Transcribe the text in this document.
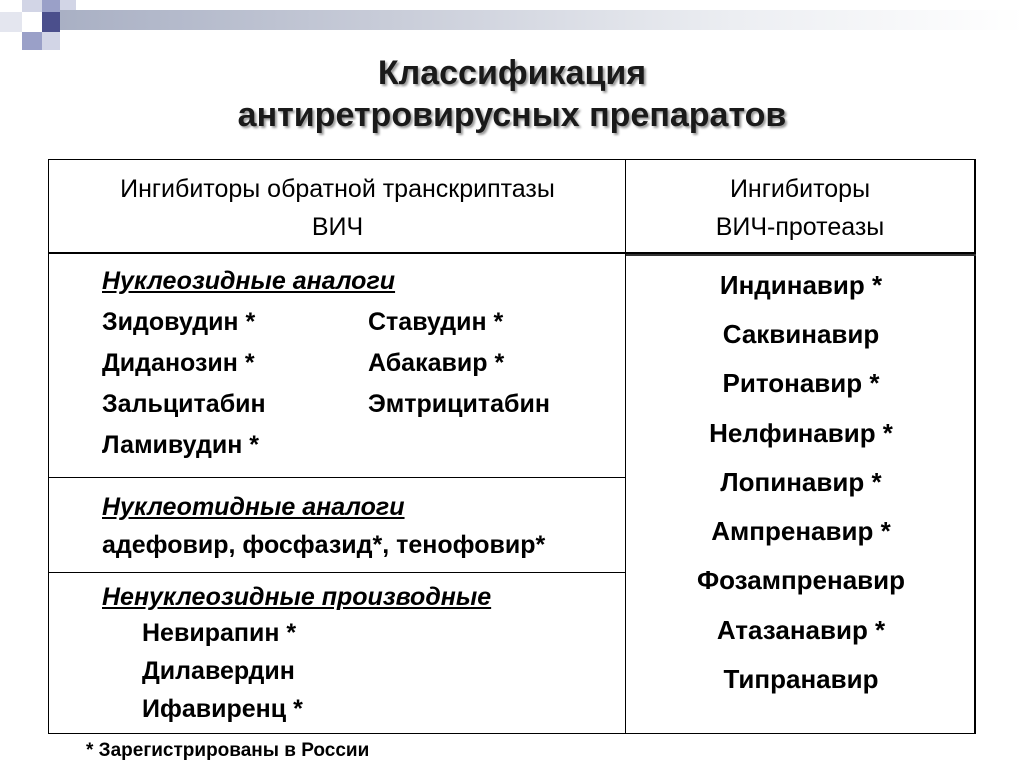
Классификация
антиретровирусных препаратов
Ингибиторы обратной транскриптазы
ВИЧ
Ингибиторы
ВИЧ-протеазы
Нуклеозидные аналоги
Зидовудин *
Диданозин *
Зальцитабин
Ламивудин *
Ставудин *
Абакавир *
Эмтрицитабин
Нуклеотидные аналоги
адефовир, фосфазид*, тенофовир*
Ненуклеозидные производные
Невирапин *
Дилавердин
Ифавиренц *
Индинавир *
Саквинавир
Ритонавир *
Нелфинавир *
Лопинавир *
Ампренавир *
Фозампренавир
Атазанавир *
Типранавир
* Зарегистрированы в России
